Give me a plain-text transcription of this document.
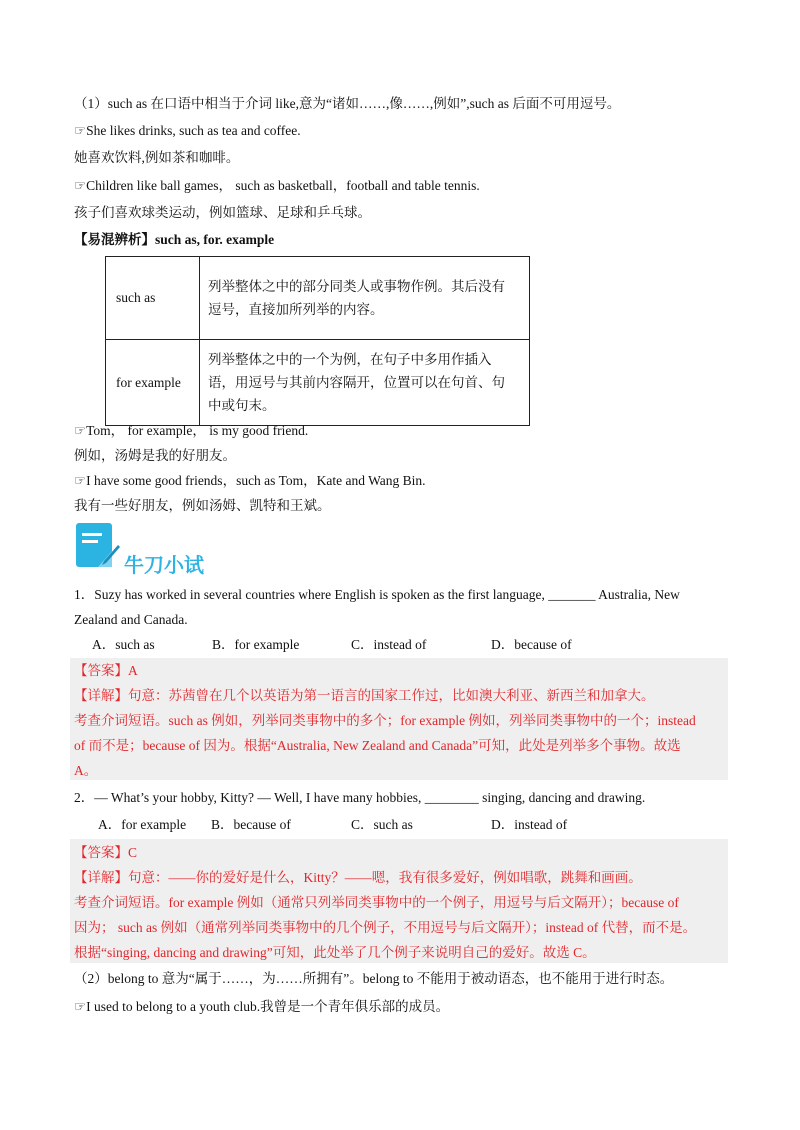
（1）such as 在口语中相当于介词 like,意为“诸如……,像……,例如”,such as 后面不可用逗号。
☞She likes drinks, such as tea and coffee.
她喜欢饮料,例如茶和咖啡。
☞Children like ball games， such as basketball，football and table tennis.
孩子们喜欢球类运动，例如篮球、足球和乒乓球。
【易混辨析】such as, for. example
such as	列举整体之中的部分同类人或事物作例。其后没有
逗号，直接加所列举的内容。

for example	列举整体之中的一个为例，在句子中多用作插入
语，用逗号与其前内容隔开，位置可以在句首、句
中或句末。
☞Tom， for example， is my good friend.
例如，汤姆是我的好朋友。
☞I have some good friends，such as Tom，Kate and Wang Bin.
我有一些好朋友，例如汤姆、凯特和王斌。
牛刀小试
1．Suzy has worked in several countries where English is spoken as the first language, _______ Australia, New
Zealand and Canada.
A．such as	B．for example	C．instead of	D．because of
【答案】A
【详解】句意：苏茜曾在几个以英语为第一语言的国家工作过，比如澳大利亚、新西兰和加拿大。
考查介词短语。such as 例如，列举同类事物中的多个；for example 例如，列举同类事物中的一个；instead
of 而不是；because of 因为。根据“Australia, New Zealand and Canada”可知，此处是列举多个事物。故选
A。
2．— What’s your hobby, Kitty? — Well, I have many hobbies, ________ singing, dancing and drawing.
A．for example B．because of	C．such as	D．instead of
【答案】C
【详解】句意：——你的爱好是什么，Kitty？——嗯，我有很多爱好，例如唱歌，跳舞和画画。
考查介词短语。for example 例如（通常只列举同类事物中的一个例子，用逗号与后文隔开）；because of
因为； such as 例如（通常列举同类事物中的几个例子，不用逗号与后文隔开）；instead of 代替，而不是。
根据“singing, dancing and drawing”可知，此处举了几个例子来说明自己的爱好。故选 C。
（2）belong to 意为“属于……，为……所拥有”。belong to 不能用于被动语态，也不能用于进行时态。
☞I used to belong to a youth club.我曾是一个青年俱乐部的成员。
